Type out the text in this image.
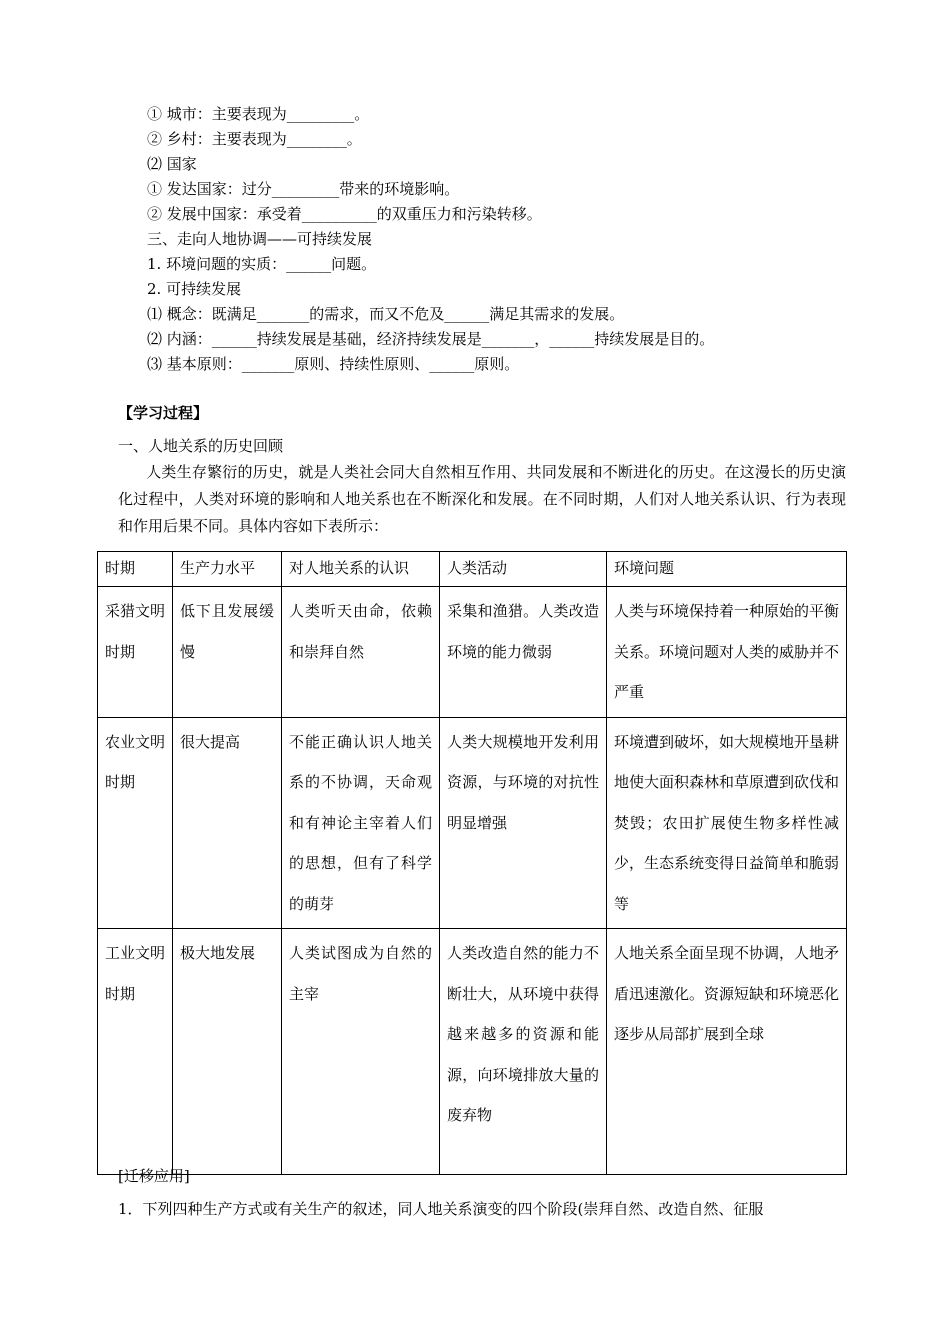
① 城市：主要表现为_________。
② 乡村：主要表现为________。
⑵ 国家
① 发达国家：过分_________带来的环境影响。
② 发展中国家：承受着__________的双重压力和污染转移。
三、走向人地协调——可持续发展
1. 环境问题的实质：______问题。
2. 可持续发展
⑴ 概念：既满足_______的需求，而又不危及______满足其需求的发展。
⑵ 内涵：______持续发展是基础，经济持续发展是_______，______持续发展是目的。
⑶ 基本原则：_______原则、持续性原则、______原则。
【学习过程】
一、人地关系的历史回顾
人类生存繁衍的历史，就是人类社会同大自然相互作用、共同发展和不断进化的历史。在这漫长的历史演化过程中，人类对环境的影响和人地关系也在不断深化和发展。在不同时期，人们对人地关系认识、行为表现和作用后果不同。具体内容如下表所示：
时期	生产力水平	对人地关系的认识	人类活动	环境问题
采猎文明时期	低下且发展缓慢	人类听天由命，依赖和崇拜自然	采集和渔猎。人类改造环境的能力微弱	人类与环境保持着一种原始的平衡关系。环境问题对人类的威胁并不严重
农业文明时期	很大提高	不能正确认识人地关系的不协调，天命观和有神论主宰着人们的思想，但有了科学的萌芽	人类大规模地开发利用资源，与环境的对抗性明显增强	环境遭到破坏，如大规模地开垦耕地使大面积森林和草原遭到砍伐和焚毁；农田扩展使生物多样性减少，生态系统变得日益简单和脆弱等
工业文明时期	极大地发展	人类试图成为自然的主宰	人类改造自然的能力不断壮大，从环境中获得越来越多的资源和能源，向环境排放大量的废弃物	人地关系全面呈现不协调，人地矛盾迅速激化。资源短缺和环境恶化逐步从局部扩展到全球
[迁移应用]
1．下列四种生产方式或有关生产的叙述，同人地关系演变的四个阶段(崇拜自然、改造自然、征服
